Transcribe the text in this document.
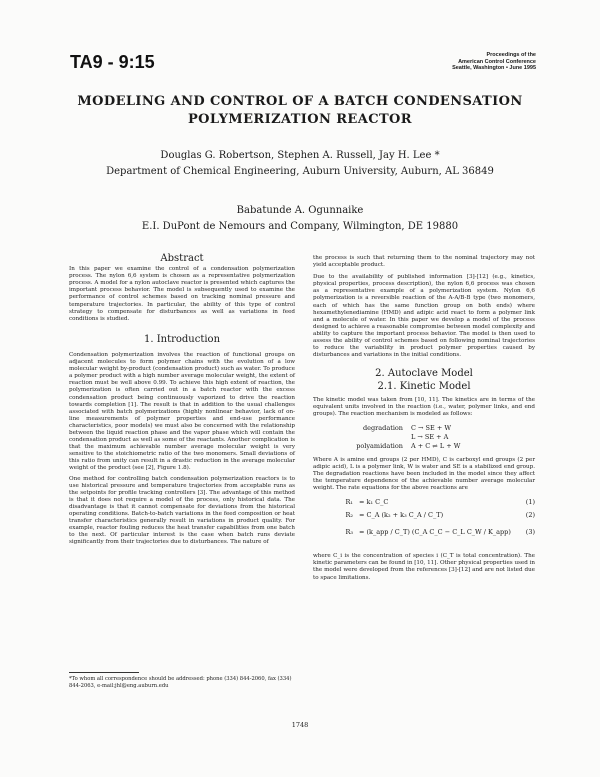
TA9 - 9:15	Proceedings of the
American Control Conference
Seattle, Washington • June 1995
MODELING AND CONTROL OF A BATCH CONDENSATION
POLYMERIZATION REACTOR
Douglas G. Robertson, Stephen A. Russell, Jay H. Lee *
Department of Chemical Engineering, Auburn University, Auburn, AL 36849
Babatunde A. Ogunnaike
E.I. DuPont de Nemours and Company, Wilmington, DE 19880
Abstract

In this paper we examine the control of a condensation polymerization process. The nylon 6,6 system is chosen as a representative polymerization process. A model for a nylon autoclave reactor is presented which captures the important process behavior. The model is subsequently used to examine the performance of control schemes based on tracking nominal pressure and temperature trajectories. In particular, the ability of this type of control strategy to compensate for disturbances as well as variations in feed conditions is studied.

1. Introduction

Condensation polymerization involves the reaction of functional groups on adjacent molecules to form polymer chains with the evolution of a low molecular weight by-product (condensation product) such as water. To produce a polymer product with a high number average molecular weight, the extent of reaction must be well above 0.99. To achieve this high extent of reaction, the polymerization is often carried out in a batch reactor with the excess condensation product being continuously vaporized to drive the reaction towards completion [1]. The result is that in addition to the usual challenges associated with batch polymerizations (highly nonlinear behavior, lack of on-line measurements of polymer properties and end-use performance characteristics, poor models) we must also be concerned with the relationship between the liquid reaction phase and the vapor phase which will contain the condensation product as well as some of the reactants. Another complication is that the maximum achievable number average molecular weight is very sensitive to the stoichiometric ratio of the two monomers. Small deviations of this ratio from unity can result in a drastic reduction in the average molecular weight of the product (see [2], Figure 1.8).

One method for controlling batch condensation polymerization reactors is to use historical pressure and temperature trajectories from acceptable runs as the setpoints for profile tracking controllers [3]. The advantage of this method is that it does not require a model of the process, only historical data. The disadvantage is that it cannot compensate for deviations from the historical operating conditions. Batch-to-batch variations in the feed composition or heat transfer characteristics generally result in variations in product quality. For example, reactor fouling reduces the heat transfer capabilities from one batch to the next. Of particular interest is the case when batch runs deviate significantly from their trajectories due to disturbances. The nature of

*To whom all correspondence should be addressed: phone (334) 844-2060, fax (334) 844-2063, e-mail:jhl@eng.auburn.edu

the process is such that returning them to the nominal trajectory may not yield acceptable product.

Due to the availability of published information [3]-[12] (e.g., kinetics, physical properties, process description), the nylon 6,6 process was chosen as a representative example of a polymerization system. Nylon 6,6 polymerization is a reversible reaction of the A-A/B-B type (two monomers, each of which has the same function group on both ends) where hexamethylenediamine (HMD) and adipic acid react to form a polymer link and a molecule of water. In this paper we develop a model of the process designed to achieve a reasonable compromise between model complexity and ability to capture the important process behavior. The model is then used to assess the ability of control schemes based on following nominal trajectories to reduce the variability in product polymer properties caused by disturbances and variations in the initial conditions.

2. Autoclave Model
2.1. Kinetic Model

The kinetic model was taken from [10, 11]. The kinetics are in terms of the equivalent units involved in the reaction (i.e., water, polymer links, and end groups). The reaction mechanism is modeled as follows:

degradation	C → SE + W
L → SE + A
polyamidation	A + C ⇌ L + W

Where A is amine end groups (2 per HMD), C is carboxyl end groups (2 per adipic acid), L is a polymer link, W is water and SE is a stabilized end group. The degradation reactions have been included in the model since they affect the temperature dependence of the achievable number average molecular weight. The rate equations for the above reactions are

R₁ = k₁ C_C	(1)
R₂ = C_A (k₂ + k₃ C_A / C_T)	(2)
R₃ = (k_app / C_T) (C_A C_C − C_L C_W / K_app) (3)

where C_i is the concentration of species i (C_T is total concentration). The kinetic parameters can be found in [10, 11]. Other physical properties used in the model were developed from the references [3]-[12] and are not listed due to space limitations.

1748
